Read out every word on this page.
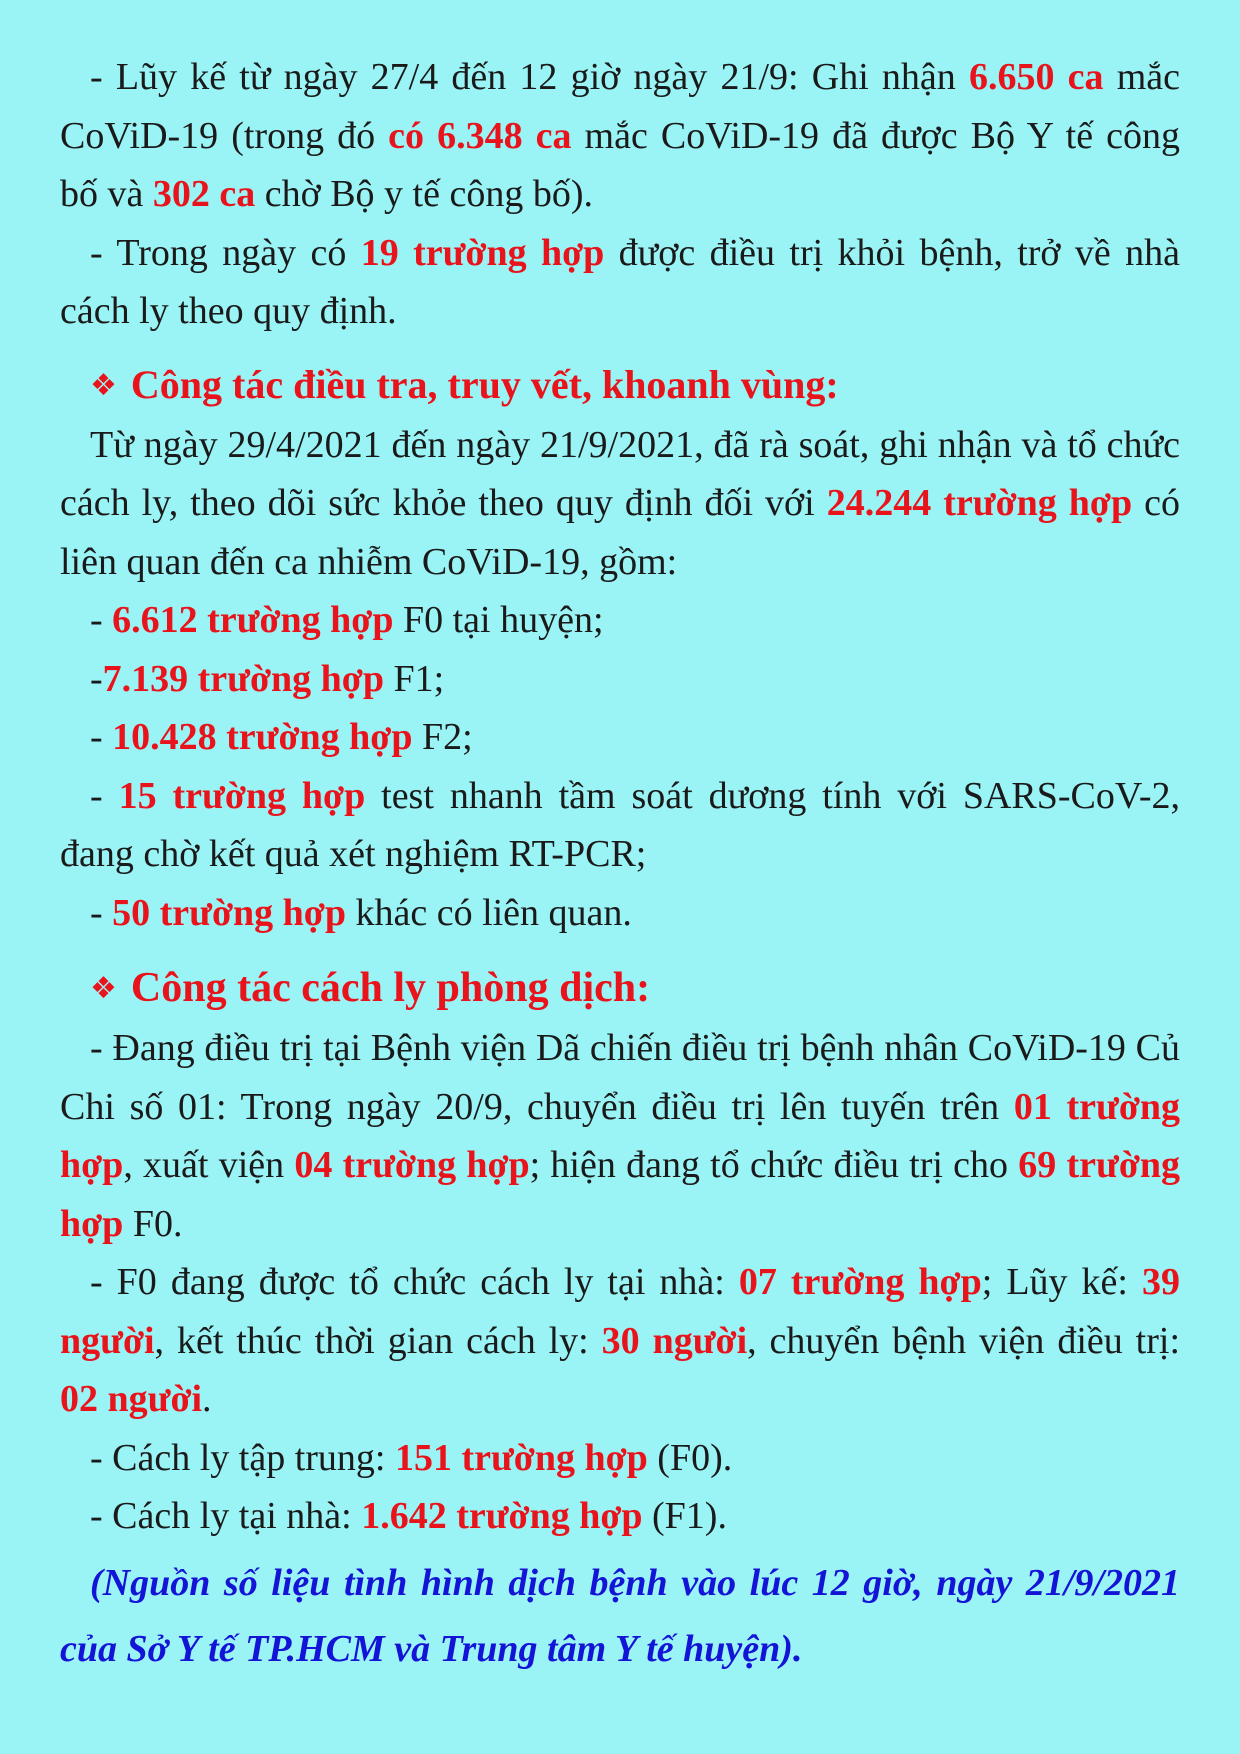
- Lũy kế từ ngày 27/4 đến 12 giờ ngày 21/9: Ghi nhận 6.650 ca mắc CoViD-19 (trong đó có 6.348 ca mắc CoViD-19 đã được Bộ Y tế công bố và 302 ca chờ Bộ y tế công bố).

- Trong ngày có 19 trường hợp được điều trị khỏi bệnh, trở về nhà cách ly theo quy định.

❖ Công tác điều tra, truy vết, khoanh vùng:

Từ ngày 29/4/2021 đến ngày 21/9/2021, đã rà soát, ghi nhận và tổ chức cách ly, theo dõi sức khỏe theo quy định đối với 24.244 trường hợp có liên quan đến ca nhiễm CoViD-19, gồm:

- 6.612 trường hợp F0 tại huyện;

-7.139 trường hợp F1;

- 10.428 trường hợp F2;

- 15 trường hợp test nhanh tầm soát dương tính với SARS-CoV-2, đang chờ kết quả xét nghiệm RT-PCR;

- 50 trường hợp khác có liên quan.

❖ Công tác cách ly phòng dịch:

- Đang điều trị tại Bệnh viện Dã chiến điều trị bệnh nhân CoViD-19 Củ Chi số 01: Trong ngày 20/9, chuyển điều trị lên tuyến trên 01 trường hợp, xuất viện 04 trường hợp; hiện đang tổ chức điều trị cho 69 trường hợp F0.

- F0 đang được tổ chức cách ly tại nhà: 07 trường hợp; Lũy kế: 39 người, kết thúc thời gian cách ly: 30 người, chuyển bệnh viện điều trị: 02 người.

- Cách ly tập trung: 151 trường hợp (F0).

- Cách ly tại nhà: 1.642 trường hợp (F1).

(Nguồn số liệu tình hình dịch bệnh vào lúc 12 giờ, ngày 21/9/2021 của Sở Y tế TP.HCM và Trung tâm Y tế huyện).
